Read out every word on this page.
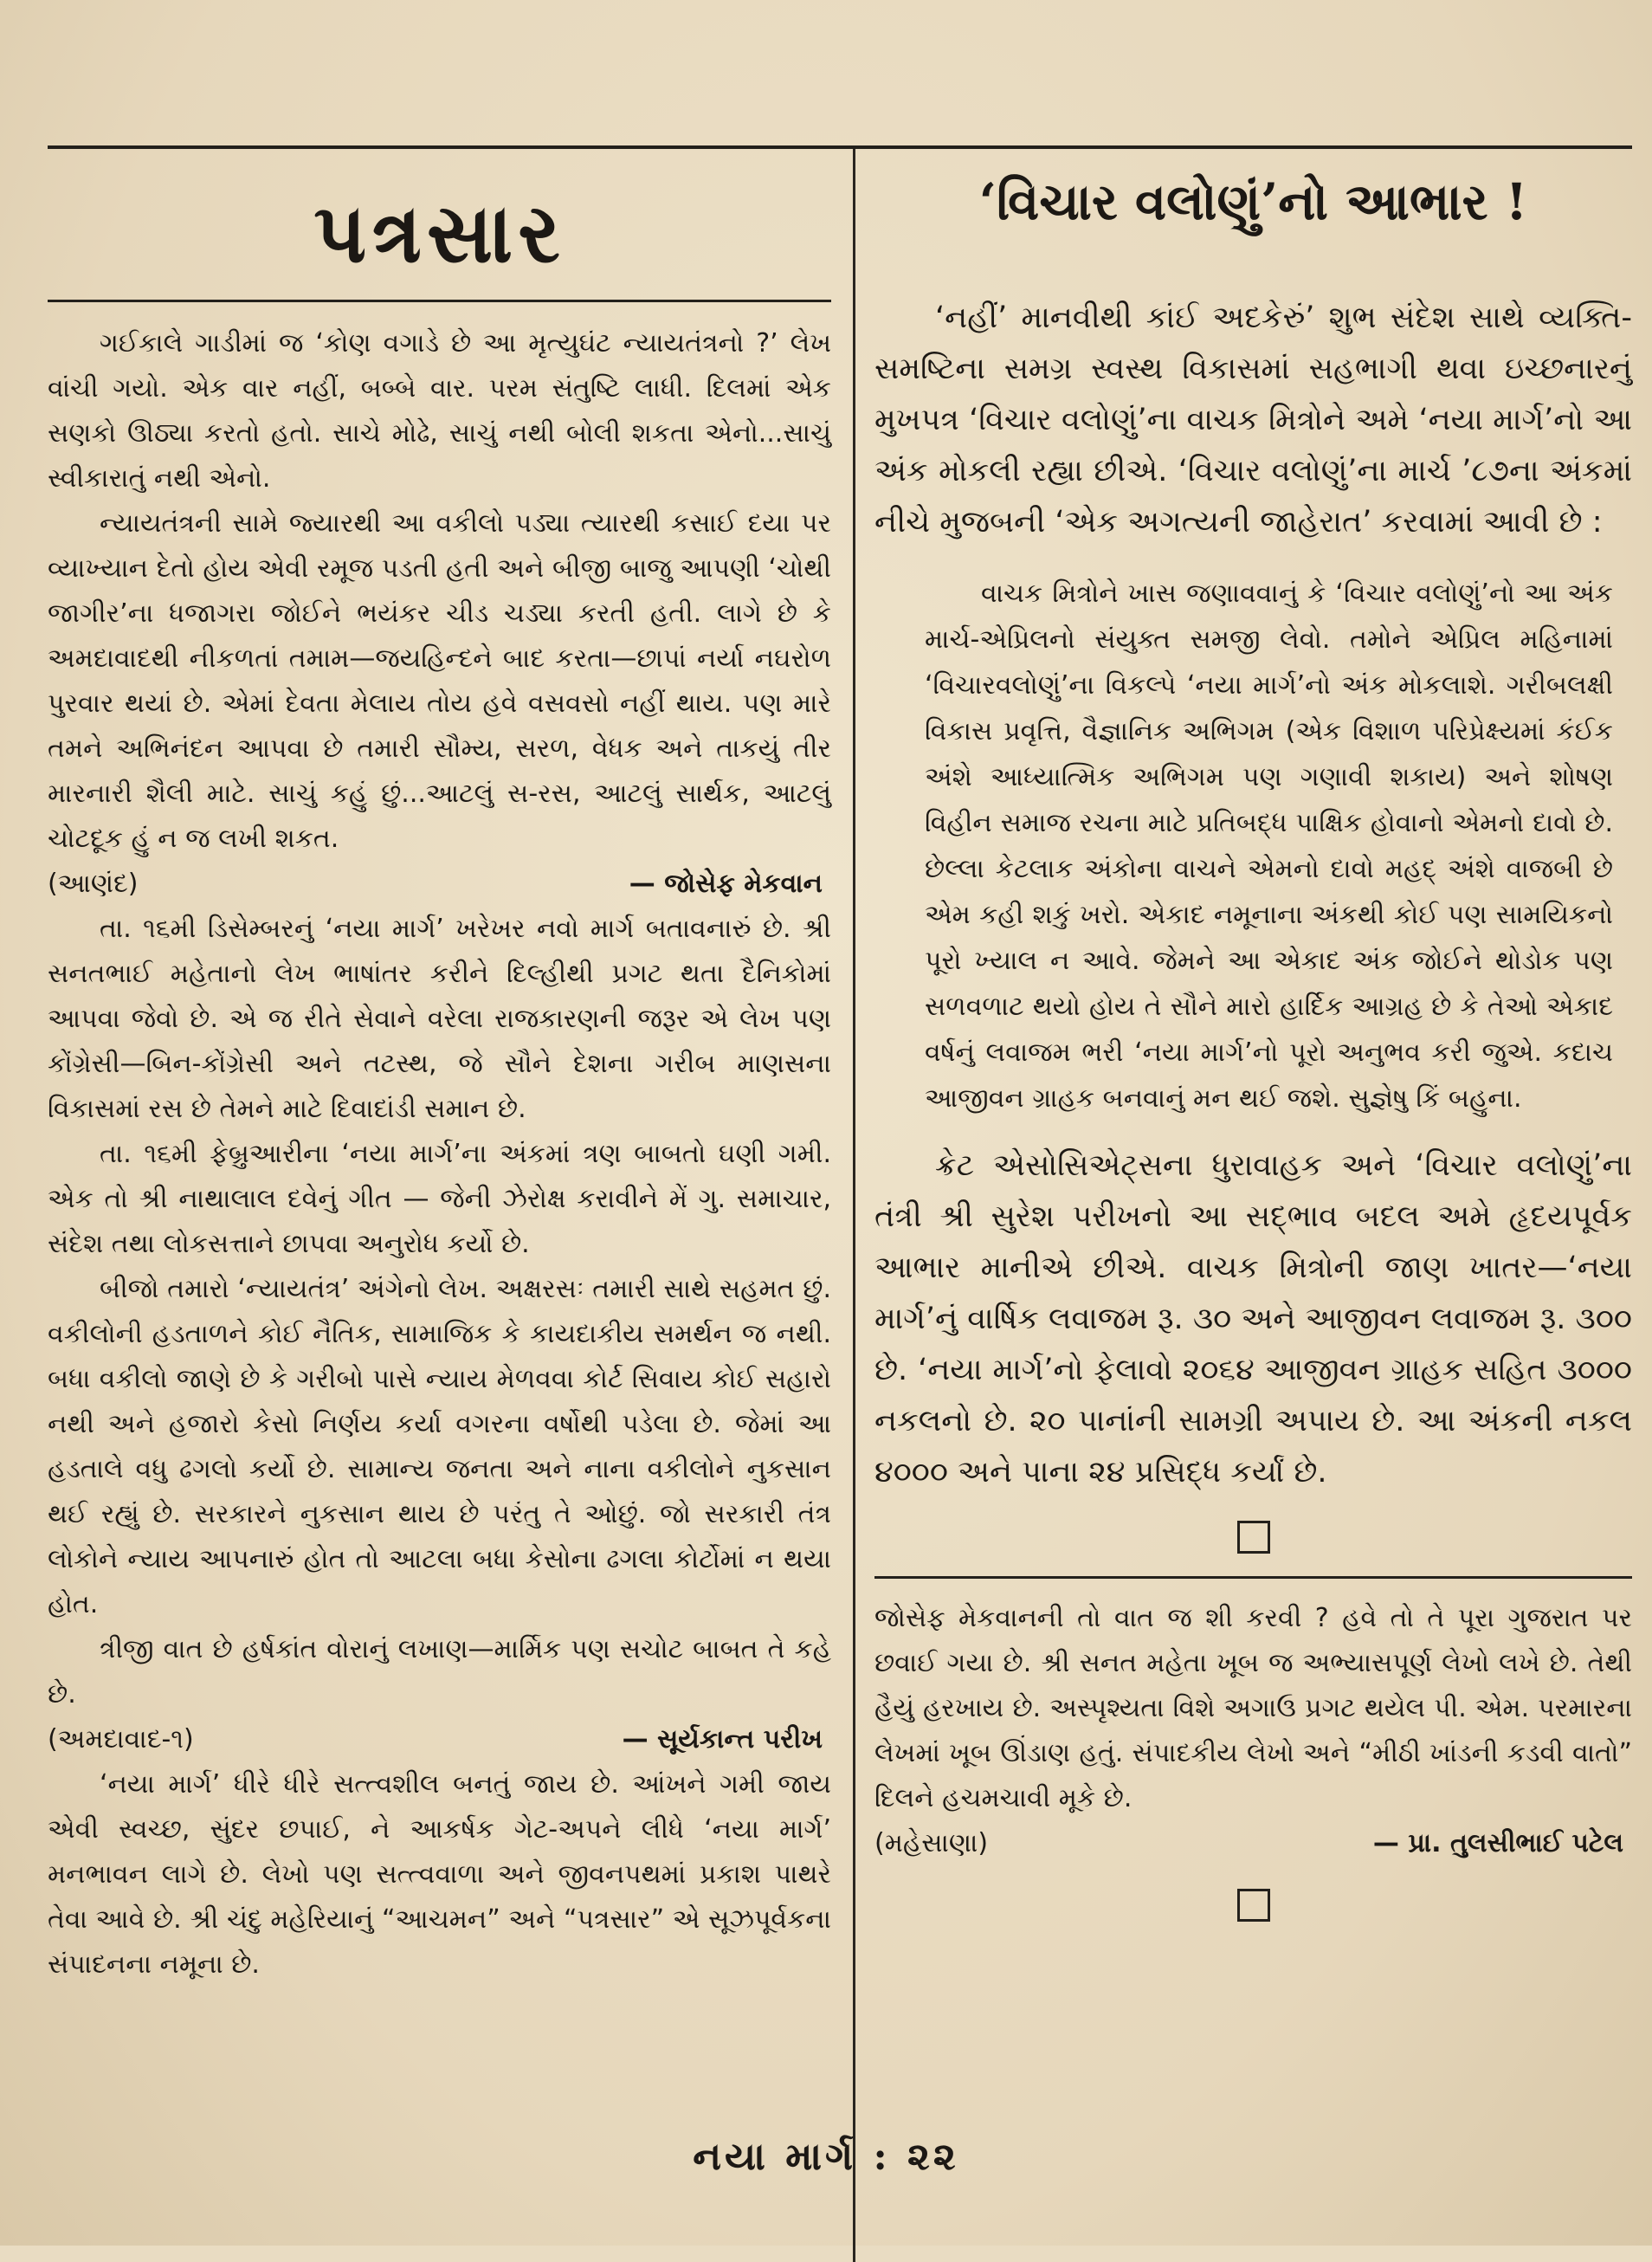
પત્રસાર

ગઈકાલે ગાડીમાં જ ‘કોણ વગાડે છે આ મૃત્યુઘંટ ન્યાયતંત્રનો ?’ લેખ વાંચી ગયો. એક વાર નહીં, બબ્બે વાર. પરમ સંતુષ્ટિ લાધી. દિલમાં એક સણકો ઊઠ્યા કરતો હતો. સાચે મોઢે, સાચું નથી બોલી શકતા એનો...સાચું સ્વીકારાતું નથી એનો.

ન્યાયતંત્રની સામે જ્યારથી આ વકીલો પડ્યા ત્યારથી કસાઈ દયા પર વ્યાખ્યાન દેતો હોય એવી રમૂજ પડતી હતી અને બીજી બાજુ આપણી ‘ચોથી જાગીર’ના ધજાગરા જોઈને ભયંકર ચીડ ચડ્યા કરતી હતી. લાગે છે કે અમદાવાદથી નીકળતાં તમામ—જયહિન્દને બાદ કરતા—છાપાં નર્યા નઘરોળ પુરવાર થયાં છે. એમાં દેવતા મેલાય તોય હવે વસવસો નહીં થાય. પણ મારે તમને અભિનંદન આપવા છે તમારી સૌમ્ય, સરળ, વેધક અને તાકયું તીર મારનારી શૈલી માટે. સાચું કહું છું...આટલું સ-રસ, આટલું સાર્થક, આટલું ચોટદૂક હું ન જ લખી શકત.

(આણંદ)	— જોસેફ મેકવાન

તા. ૧૬મી ડિસેમ્બરનું ‘નયા માર્ગ’ ખરેખર નવો માર્ગ બતાવનારું છે. શ્રી સનતભાઈ મહેતાનો લેખ ભાષાંતર કરીને દિલ્હીથી પ્રગટ થતા દૈનિકોમાં આપવા જેવો છે. એ જ રીતે સેવાને વરેલા રાજકારણની જરૂર એ લેખ પણ કોંગ્રેસી—બિન-કોંગ્રેસી અને તટસ્થ, જે સૌને દેશના ગરીબ માણસના વિકાસમાં રસ છે તેમને માટે દિવાદાંડી સમાન છે.

તા. ૧૬મી ફેબ્રુઆરીના ‘નયા માર્ગ’ના અંકમાં ત્રણ બાબતો ઘણી ગમી. એક તો શ્રી નાથાલાલ દવેનું ગીત — જેની ઝેરોક્ષ કરાવીને મેં ગુ. સમાચાર, સંદેશ તથા લોકસત્તાને છાપવા અનુરોધ કર્યો છે.

બીજો તમારો ‘ન્યાયતંત્ર’ અંગેનો લેખ. અક્ષરસઃ તમારી સાથે સહમત છું. વકીલોની હડતાળને કોઈ નૈતિક, સામાજિક કે કાયદાકીય સમર્થન જ નથી. બધા વકીલો જાણે છે કે ગરીબો પાસે ન્યાય મેળવવા કોર્ટ સિવાય કોઈ સહારો નથી અને હજારો કેસો નિર્ણય કર્યા વગરના વર્ષોથી પડેલા છે. જેમાં આ હડતાલે વધુ ઢગલો કર્યો છે. સામાન્ય જનતા અને નાના વકીલોને નુકસાન થઈ રહ્યું છે. સરકારને નુકસાન થાય છે પરંતુ તે ઓછું. જો સરકારી તંત્ર લોકોને ન્યાય આપનારું હોત તો આટલા બધા કેસોના ઢગલા કોર્ટોમાં ન થયા હોત.

ત્રીજી વાત છે હર્ષકાંત વોરાનું લખાણ—માર્મિક પણ સચોટ બાબત તે કહે છે.

(અમદાવાદ-૧)	— સૂર્યકાન્ત પરીખ

‘નયા માર્ગ’ ધીરે ધીરે સત્ત્વશીલ બનતું જાય છે. આંખને ગમી જાય એવી સ્વચ્છ, સુંદર છપાઈ, ને આકર્ષક ગેટ-અપને લીધે ‘નયા માર્ગ’ મનભાવન લાગે છે. લેખો પણ સત્ત્વવાળા અને જીવનપથમાં પ્રકાશ પાથરે તેવા આવે છે. શ્રી ચંદુ મહેરિયાનું “આચમન” અને “પત્રસાર” એ સૂઝપૂર્વકના સંપાદનના નમૂના છે.

‘વિચાર વલોણું’નો આભાર !

‘નહીં’ માનવીથી કાંઈ અદકેરું’ શુભ સંદેશ સાથે વ્યક્તિ-સમષ્ટિના સમગ્ર સ્વસ્થ વિકાસમાં સહભાગી થવા ઇચ્છનારનું મુખપત્ર ‘વિચાર વલોણું’ના વાચક મિત્રોને અમે ‘નયા માર્ગ’નો આ અંક મોકલી રહ્યા છીએ. ‘વિચાર વલોણું’ના માર્ચ ’૮૭ના અંકમાં નીચે મુજબની ‘એક અગત્યની જાહેરાત’ કરવામાં આવી છે :

વાચક મિત્રોને ખાસ જણાવવાનું કે ‘વિચાર વલોણું’નો આ અંક માર્ચ-એપ્રિલનો સંયુક્ત સમજી લેવો. તમોને એપ્રિલ મહિનામાં ‘વિચારવલોણું’ના વિકલ્પે ‘નયા માર્ગ’નો અંક મોકલાશે. ગરીબલક્ષી વિકાસ પ્રવૃત્તિ, વૈજ્ઞાનિક અભિગમ (એક વિશાળ પરિપ્રેક્ષ્યમાં કંઈક અંશે આધ્યાત્મિક અભિગમ પણ ગણાવી શકાય) અને શોષણ વિહીન સમાજ રચના માટે પ્રતિબદ્ધ પાક્ષિક હોવાનો એમનો દાવો છે. છેલ્લા કેટલાક અંકોના વાચને એમનો દાવો મહદ્ અંશે વાજબી છે એમ કહી શકું ખરો. એકાદ નમૂનાના અંકથી કોઈ પણ સામયિકનો પૂરો ખ્યાલ ન આવે. જેમને આ એકાદ અંક જોઈને થોડોક પણ સળવળાટ થયો હોય તે સૌને મારો હાર્દિક આગ્રહ છે કે તેઓ એકાદ વર્ષનું લવાજમ ભરી ‘નયા માર્ગ’નો પૂરો અનુભવ કરી જુએ. કદાચ આજીવન ગ્રાહક બનવાનું મન થઈ જશે. સુજ્ઞેષુ કિં બહુના.

ક્રેટ એસોસિએટ્સના ધુરાવાહક અને ‘વિચાર વલોણું’ના તંત્રી શ્રી સુરેશ પરીખનો આ સદ્ભાવ બદલ અમે હૃદયપૂર્વક આભાર માનીએ છીએ. વાચક મિત્રોની જાણ ખાતર—‘નયા માર્ગ’નું વાર્ષિક લવાજમ રૂ. ૩૦ અને આજીવન લવાજમ રૂ. ૩૦૦ છે. ‘નયા માર્ગ’નો ફેલાવો ૨૦૬૪ આજીવન ગ્રાહક સહિત ૩૦૦૦ નકલનો છે. ૨૦ પાનાંની સામગ્રી અપાય છે. આ અંકની નકલ ૪૦૦૦ અને પાના ૨૪ પ્રસિદ્ધ કર્યાં છે.

જોસેફ મેકવાનની તો વાત જ શી કરવી ? હવે તો તે પૂરા ગુજરાત પર છવાઈ ગયા છે. શ્રી સનત મહેતા ખૂબ જ અભ્યાસપૂર્ણ લેખો લખે છે. તેથી હૈયું હરખાય છે. અસ્પૃશ્યતા વિશે અગાઉ પ્રગટ થયેલ પી. એમ. પરમારના લેખમાં ખૂબ ઊંડાણ હતું. સંપાદકીય લેખો અને “મીઠી ખાંડની કડવી વાતો” દિલને હચમચાવી મૂકે છે.

(મહેસાણા)	— પ્રા. તુલસીભાઈ પટેલ
નયા માર્ગ : ૨૨
